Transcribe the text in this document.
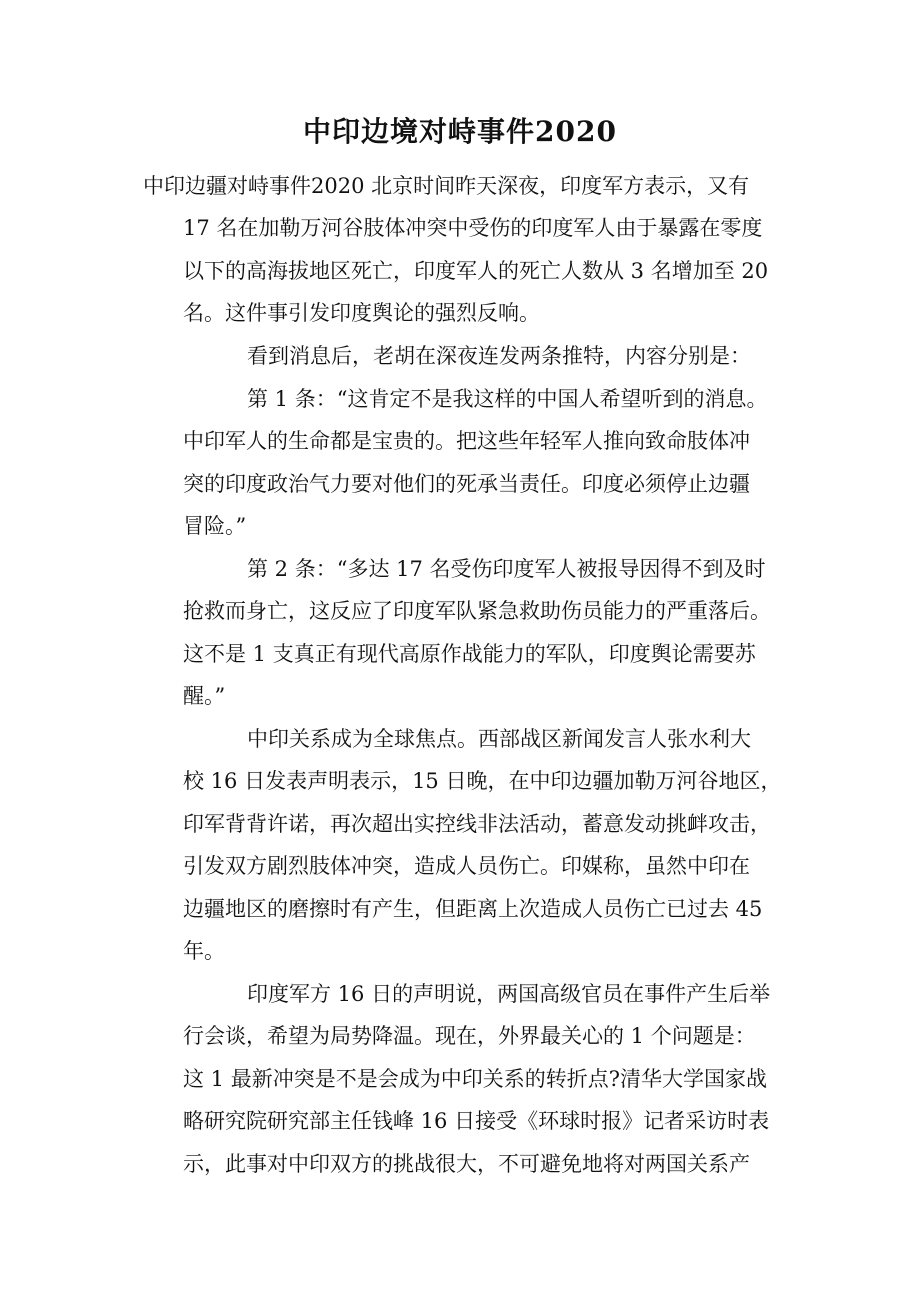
中印边境对峙事件2020
中印边疆对峙事件2020 北京时间昨天深夜，印度军方表示，又有
17 名在加勒万河谷肢体冲突中受伤的印度军人由于暴露在零度
以下的高海拔地区死亡，印度军人的死亡人数从 3 名增加至 20
名。这件事引发印度舆论的强烈反响。
看到消息后，老胡在深夜连发两条推特，内容分别是：
第 1 条：“这肯定不是我这样的中国人希望听到的消息。
中印军人的生命都是宝贵的。把这些年轻军人推向致命肢体冲
突的印度政治气力要对他们的死承当责任。印度必须停止边疆
冒险。”
第 2 条：“多达 17 名受伤印度军人被报导因得不到及时
抢救而身亡，这反应了印度军队紧急救助伤员能力的严重落后。
这不是 1 支真正有现代高原作战能力的军队，印度舆论需要苏
醒。”
中印关系成为全球焦点。西部战区新闻发言人张水利大
校 16 日发表声明表示，15 日晚，在中印边疆加勒万河谷地区，
印军背背许诺，再次超出实控线非法活动，蓄意发动挑衅攻击，
引发双方剧烈肢体冲突，造成人员伤亡。印媒称，虽然中印在
边疆地区的磨擦时有产生，但距离上次造成人员伤亡已过去 45
年。
印度军方 16 日的声明说，两国高级官员在事件产生后举
行会谈，希望为局势降温。现在，外界最关心的 1 个问题是：
这 1 最新冲突是不是会成为中印关系的转折点?清华大学国家战
略研究院研究部主任钱峰 16 日接受《环球时报》记者采访时表
示，此事对中印双方的挑战很大，不可避免地将对两国关系产
